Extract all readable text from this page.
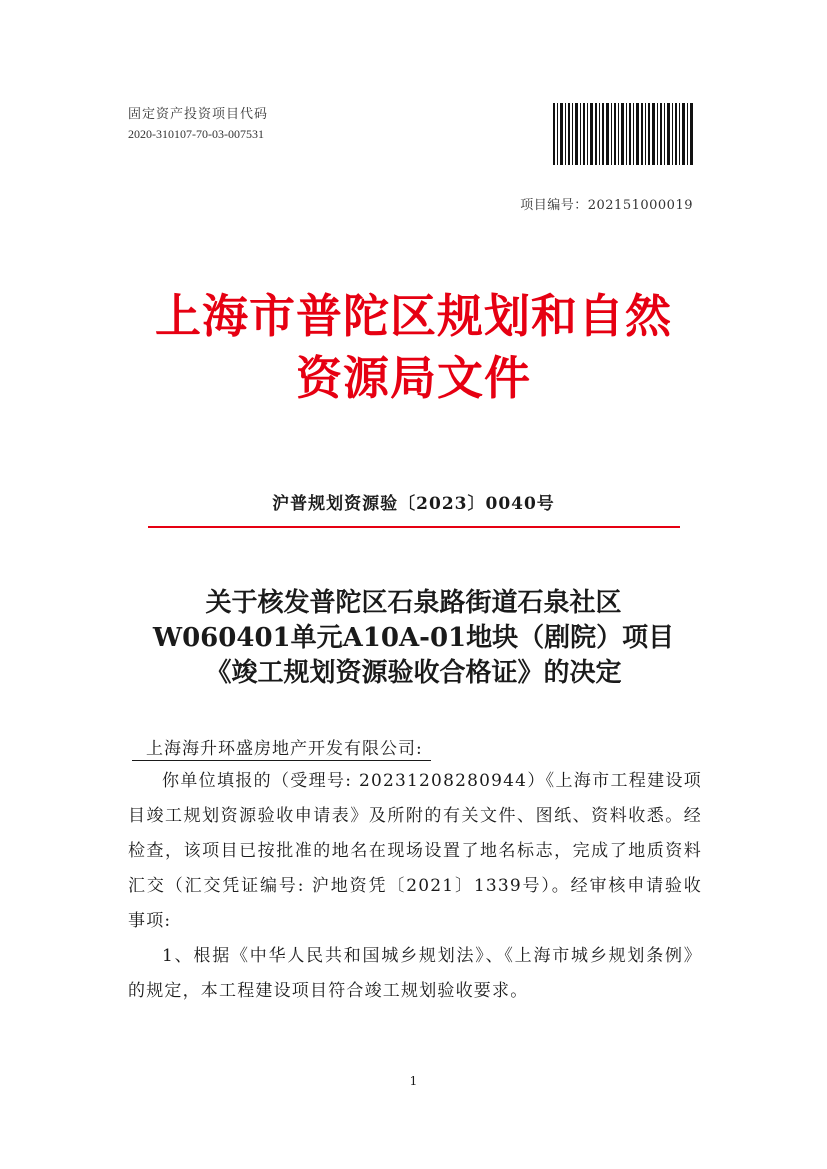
固定资产投资项目代码
2020-310107-70-03-007531
项目编号：202151000019
上海市普陀区规划和自然
资源局文件
沪普规划资源验〔2023〕0040号
关于核发普陀区石泉路街道石泉社区
W060401单元A10A-01地块（剧院）项目
《竣工规划资源验收合格证》的决定
上海海升环盛房地产开发有限公司:

你单位填报的（受理号: 20231208280944）《上海市工程建设项目竣工规划资源验收申请表》及所附的有关文件、图纸、资料收悉。经检查，该项目已按批准的地名在现场设置了地名标志，完成了地质资料汇交（汇交凭证编号: 沪地资凭〔2021〕1339号）。经审核申请验收事项:

1、根据《中华人民共和国城乡规划法》、《上海市城乡规划条例》的规定，本工程建设项目符合竣工规划验收要求。

1
